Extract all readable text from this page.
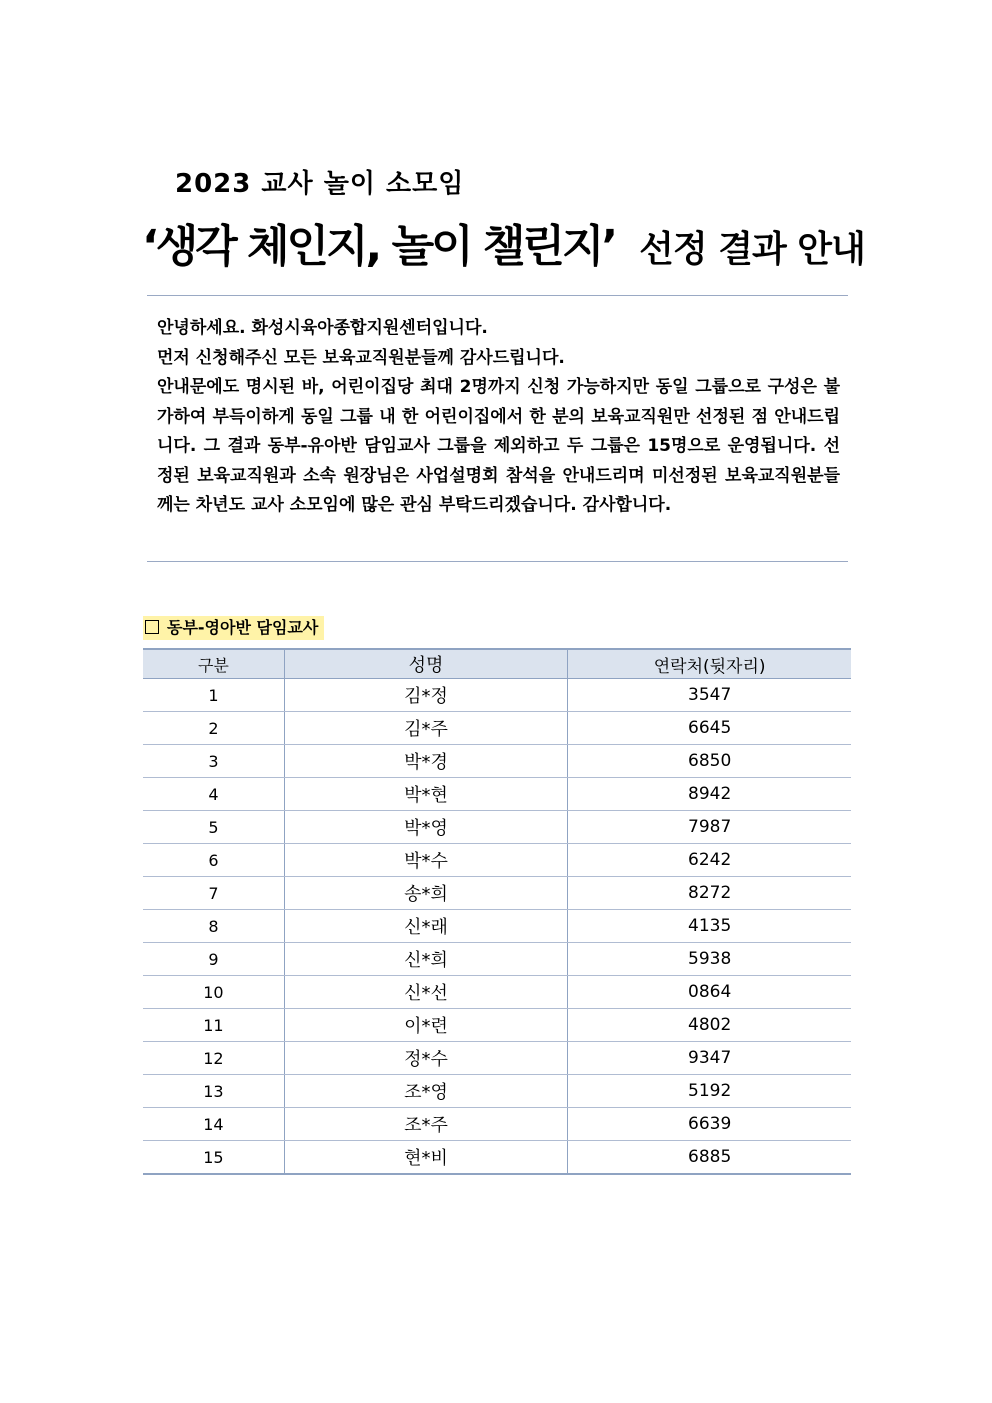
2023 교사 놀이 소모임
‘생각 체인지, 놀이 챌린지’ 선정 결과 안내

안녕하세요. 화성시육아종합지원센터입니다.

먼저 신청해주신 모든 보육교직원분들께 감사드립니다.

안내문에도 명시된 바, 어린이집당 최대 2명까지 신청 가능하지만 동일 그룹으로 구성은 불가하여 부득이하게 동일 그룹 내 한 어린이집에서 한 분의 보육교직원만 선정된 점 안내드립니다. 그 결과 동부-유아반 담임교사 그룹을 제외하고 두 그룹은 15명으로 운영됩니다. 선정된 보육교직원과 소속 원장님은 사업설명회 참석을 안내드리며 미선정된 보육교직원분들께는 차년도 교사 소모임에 많은 관심 부탁드리겠습니다. 감사합니다.

동부-영아반 담임교사
구분	성명	연락처(뒷자리)
1	김*정	3547
2	김*주	6645
3	박*경	6850
4	박*현	8942
5	박*영	7987
6	박*수	6242
7	송*희	8272
8	신*래	4135
9	신*희	5938
10	신*선	0864
11	이*련	4802
12	정*수	9347
13	조*영	5192
14	조*주	6639
15	현*비	6885
